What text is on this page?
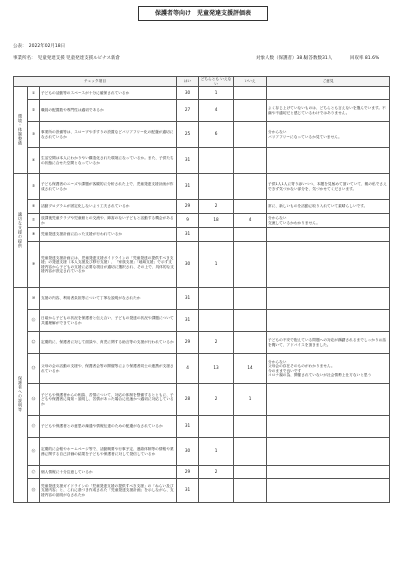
保護者等向け　児童発達支援評価表
公表：　2022年02月18日
事業所名：　児童発達支援 児童発達支援ルピナス新倉	対象人数（保護者）38人
回答数数31人	回収率 81.6%
チェック項目			はい	どちらとも いえない	いいえ	ご意見
環境・体制整備	①	子どもの活動等のスペースが十分に確保されているか	30	1		
	②	職員の配置数や専門性は適切であるか	27	4		よく存じ上げていないものは、どちらとも言えないを選んでいます。不満や不適切だと感じているわけではありません。
	③	事業所の設備等は、スロープや手すりの設置などバリアフリー化の配慮が適切になされているか	25	6		分からない
バリアフリーになっているか見ていません。
	④	生活空間は本人にわかりやい構造化された環境になっているか。また、子供たちの状態に合せた空間となっているか	31			
適切な支援の提供	⑤	子ども保護者のニーズや課題が客観的に分析された上で、児童発達支援計画が作成されているか	31			子供1人1人に寄り添いつつ、本題を見極めて頂いていて、親の私でさえできず気づかない部分を、気づかせてくださいます。
	⑥	活動プログラムが固定化しないよう工夫されているか	29	2		常に、新しいものを活動に取り入れていて素晴らしいです。
	⑦	放課後児童クラブや児童館との交流や、障害のない子どもと活動する機会があるか	9	18	4	分からない
交流しているかわかりません。
	⑧	児童発達支援計画に沿った支援が行われているか	31			
	⑨	児童発達支援計画には、児童発達支援ガイドラインの「児童発達の提供すべき支援」の発達支援（本人支援及び移行支援）、「家族支援」「地域支援」で示す支援内容から子どもの支援に必要な項目が適切に選択され、その上で、具体的な支援内容が設定されているか	30	1		
保護者への説明等	⑩	支援の内容、利用者負担等について丁寧な説明がなされたか	31			
	⑪	日頃から子どもの状況を保護者と伝え合い、子どもの発達の状況や課題について共通理解ができているか	31			
	⑫	定期的に、保護者に対して面談や、育児に関する助言等の支援が行われているか	29	2		子どもの不安で抱えている問題への対応が躊躇されるまでしっかりお話を聞いて、アドバイスを頂きました。
	⑬	父母の会の活動の支援や、保護者会等の開催等により保護者同士の連携が支援されているか	4	13	14	分からない
父母会の存在そのものがわかりません。
今のままで良いです
コロナ禍の為、開催されていないが社会情勢上仕方ないと思う
	⑭	子どもや保護者からの相談、苦情について、対応の体制を整備するとともに、子どもや保護者に周知・説明し、苦情があった場合に迅速かつ適切に対応しているか	28	2	1	
	⑮	子どもや保護者との意思の疎通や情報伝達のための配慮がなされているか	31			
	⑯	定期的に会報やホームページ等で、活動概要や行事予定、連絡体制等の情報や業務に関する自己評価の結果を子どもや保護者に対して発信しているか	30	1		
	⑰	個人情報に十分注意しているか	29	2		
	⑱	児童発達支援ガイドラインの「児童発達支援の提供すべき支援」の「ねらい及び支援内容」と、これに基づき作成された「児童発達支援計画」を示しながら、支援内容の説明がなされたか	31			
